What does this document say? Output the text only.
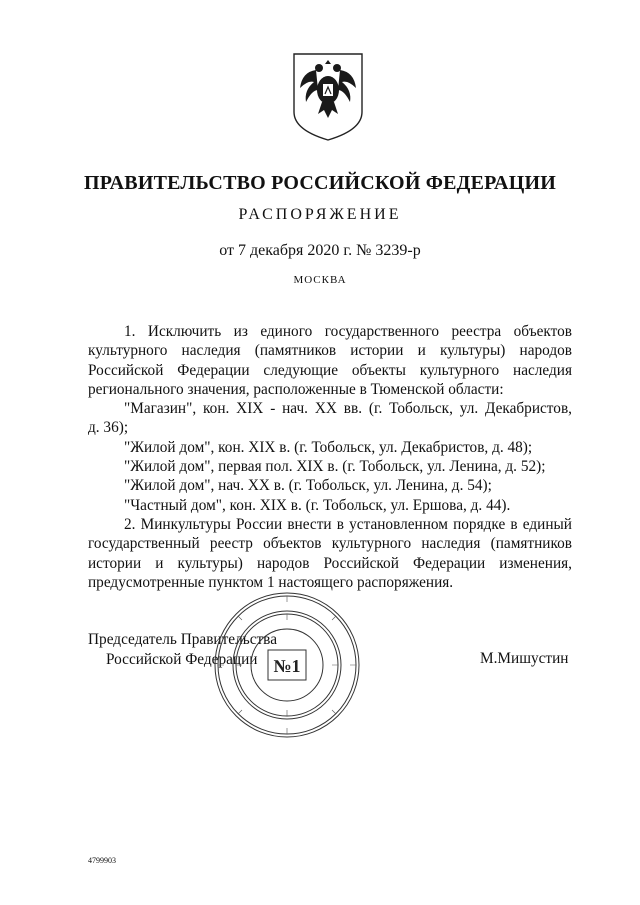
ПРАВИТЕЛЬСТВО РОССИЙСКОЙ ФЕДЕРАЦИИ
РАСПОРЯЖЕНИЕ
от 7 декабря 2020 г. № 3239-р
МОСКВА
1. Исключить из единого государственного реестра объектов
культурного наследия (памятников истории и культуры) народов
Российской Федерации следующие объекты культурного наследия
регионального значения, расположенные в Тюменской области:
"Магазин", кон. XIX - нач. XX вв. (г. Тобольск, ул. Декабристов,
д. 36);
"Жилой дом", кон. XIX в. (г. Тобольск, ул. Декабристов, д. 48);
"Жилой дом", первая пол. XIX в. (г. Тобольск, ул. Ленина, д. 52);
"Жилой дом", нач. XX в. (г. Тобольск, ул. Ленина, д. 54);
"Частный дом", кон. XIX в. (г. Тобольск, ул. Ершова, д. 44).
2. Минкультуры России внести в установленном порядке в единый
государственный реестр объектов культурного наследия (памятников
истории и культуры) народов Российской Федерации изменения,
предусмотренные пунктом 1 настоящего распоряжения.
Председатель Правительства
Российской Федерации	М.Мишустин
№1
4799903
